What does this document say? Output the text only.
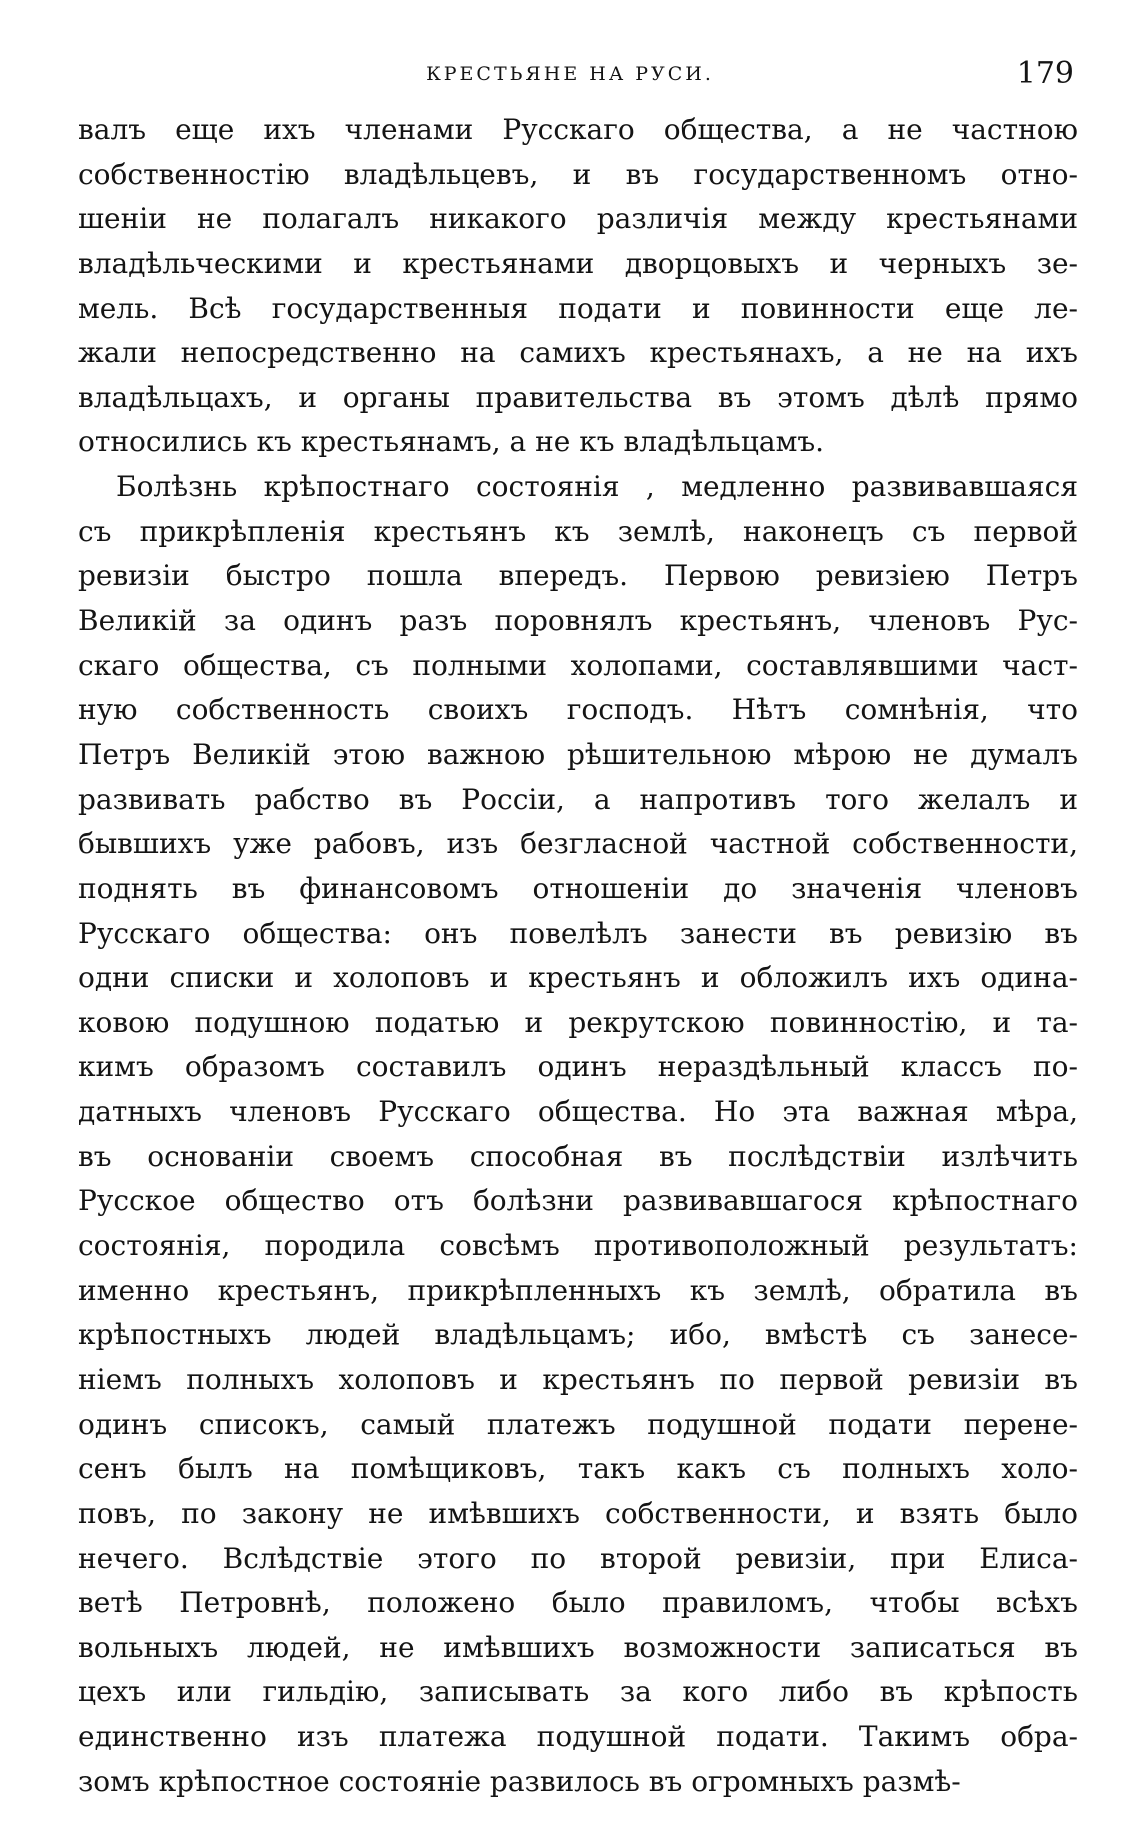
КРЕСТЬЯНЕ НА РУСИ.	179
валъ еще ихъ членами Русскаго общества, а не частною
собственностiю владѣльцевъ, и въ государственномъ отно-
шенiи не полагалъ никакого различiя между крестьянами
владѣльческими и крестьянами дворцовыхъ и черныхъ зе-
мель. Всѣ государственныя подати и повинности еще ле-
жали непосредственно на самихъ крестьянахъ, а не на ихъ
владѣльцахъ, и органы правительства въ этомъ дѣлѣ прямо
относились къ крестьянамъ, а не къ владѣльцамъ.
Болѣзнь крѣпостнаго состоянiя , медленно развивавшаяся
съ прикрѣпленiя крестьянъ къ землѣ, наконецъ съ первой
ревизiи быстро пошла впередъ. Первою ревизiею Петръ
Великiй за одинъ разъ поровнялъ крестьянъ, членовъ Рус-
скаго общества, съ полными холопами, составлявшими част-
ную собственность своихъ господъ. Нѣтъ сомнѣнiя, что
Петръ Великiй этою важною рѣшительною мѣрою не думалъ
развивать рабство въ Россiи, а напротивъ того желалъ и
бывшихъ уже рабовъ, изъ безгласной частной собственности,
поднять въ финансовомъ отношенiи до значенiя членовъ
Русскаго общества: онъ повелѣлъ занести въ ревизiю въ
одни списки и холоповъ и крестьянъ и обложилъ ихъ одина-
ковою подушною податью и рекрутскою повинностiю, и та-
кимъ образомъ составилъ одинъ нераздѣльный классъ по-
датныхъ членовъ Русскаго общества. Но эта важная мѣра,
въ основанiи своемъ способная въ послѣдствiи излѣчить
Русское общество отъ болѣзни развивавшагося крѣпостнаго
состоянiя, породила совсѣмъ противоположный результатъ:
именно крестьянъ, прикрѣпленныхъ къ землѣ, обратила въ
крѣпостныхъ людей владѣльцамъ; ибо, вмѣстѣ съ занесе-
нiемъ полныхъ холоповъ и крестьянъ по первой ревизiи въ
одинъ списокъ, самый платежъ подушной подати перене-
сенъ былъ на помѣщиковъ, такъ какъ съ полныхъ холо-
повъ, по закону не имѣвшихъ собственности, и взять было
нечего. Вслѣдствiе этого по второй ревизiи, при Елиса-
ветѣ Петровнѣ, положено было правиломъ, чтобы всѣхъ
вольныхъ людей, не имѣвшихъ возможности записаться въ
цехъ или гильдiю, записывать за кого либо въ крѣпость
единственно изъ платежа подушной подати. Такимъ обра-
зомъ крѣпостное состоянiе развилось въ огромныхъ размѣ-
